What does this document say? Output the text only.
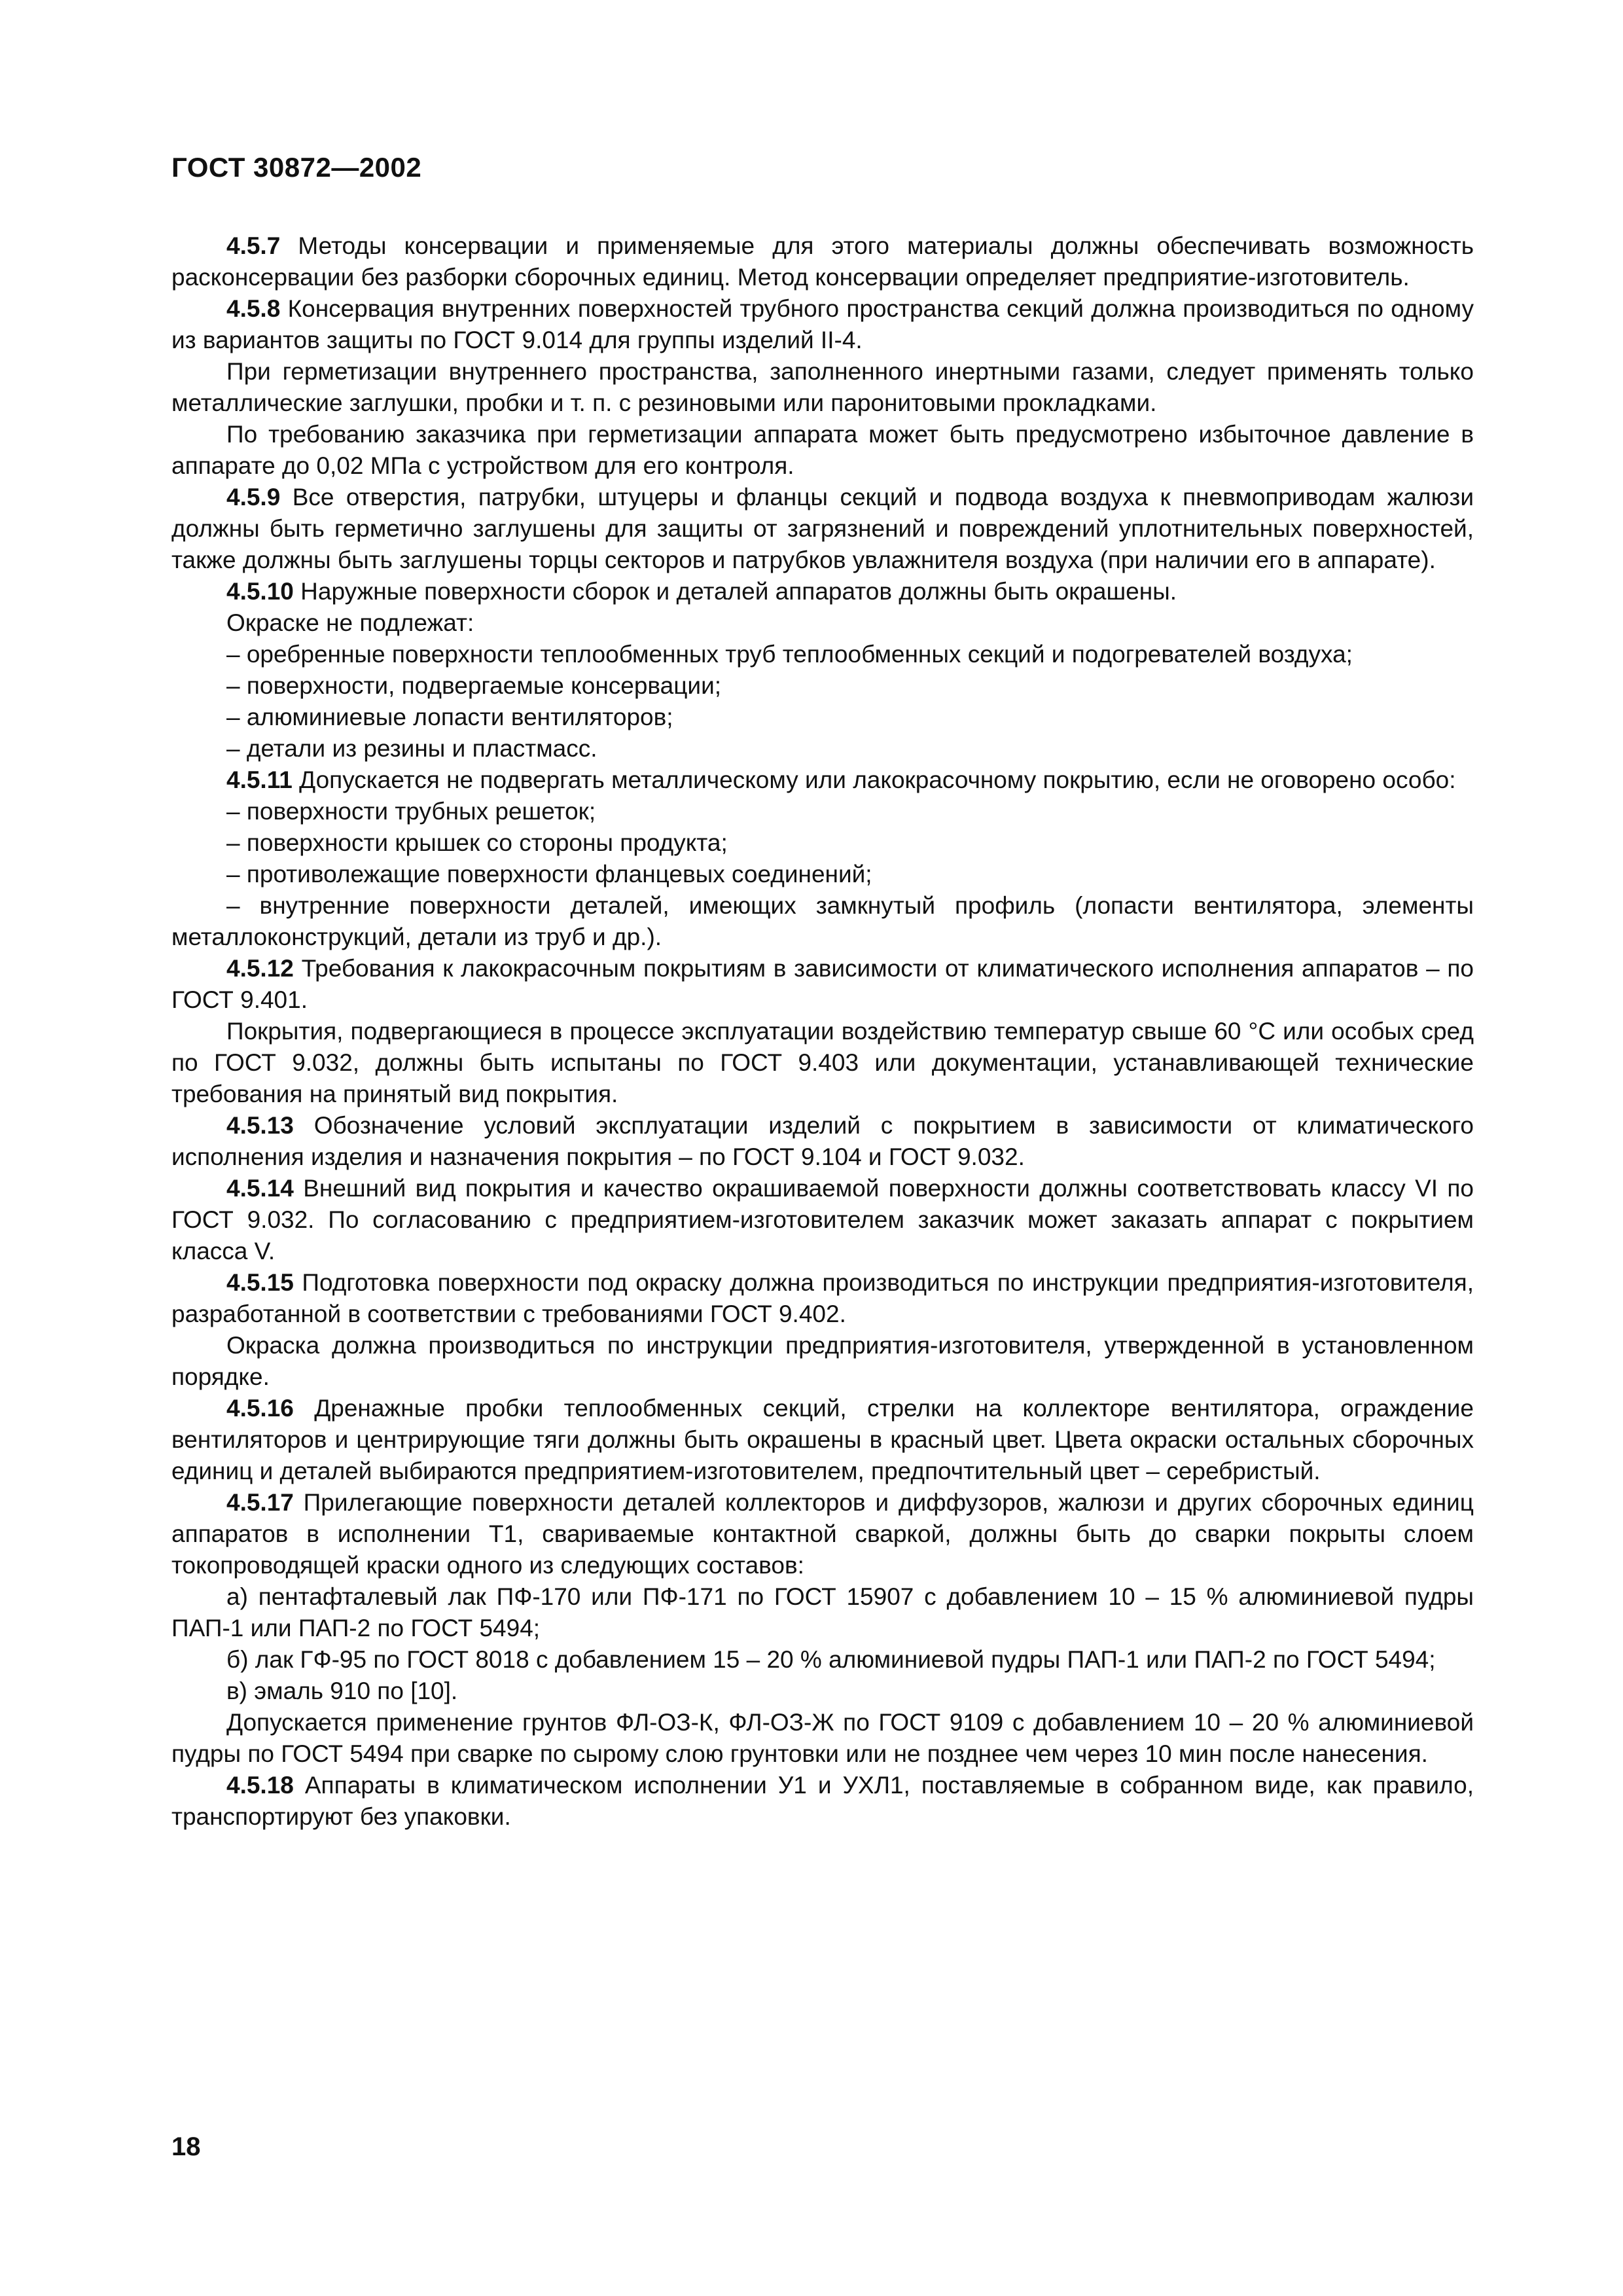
ГОСТ 30872—2002

4.5.7 Методы консервации и применяемые для этого материалы должны обеспечивать возможность расконсервации без разборки сборочных единиц. Метод консервации определяет предприятие-изготовитель.

4.5.8 Консервация внутренних поверхностей трубного пространства секций должна производиться по одному из вариантов защиты по ГОСТ 9.014 для группы изделий II-4.

При герметизации внутреннего пространства, заполненного инертными газами, следует применять только металлические заглушки, пробки и т. п. с резиновыми или паронитовыми прокладками.

По требованию заказчика при герметизации аппарата может быть предусмотрено избыточное давление в аппарате до 0,02 МПа с устройством для его контроля.

4.5.9 Все отверстия, патрубки, штуцеры и фланцы секций и подвода воздуха к пневмоприводам жалюзи должны быть герметично заглушены для защиты от загрязнений и повреждений уплотнительных поверхностей, также должны быть заглушены торцы секторов и патрубков увлажнителя воздуха (при наличии его в аппарате).

4.5.10 Наружные поверхности сборок и деталей аппаратов должны быть окрашены.

Окраске не подлежат:

– оребренные поверхности теплообменных труб теплообменных секций и подогревателей воздуха;

– поверхности, подвергаемые консервации;

– алюминиевые лопасти вентиляторов;

– детали из резины и пластмасс.

4.5.11 Допускается не подвергать металлическому или лакокрасочному покрытию, если не оговорено особо:

– поверхности трубных решеток;

– поверхности крышек со стороны продукта;

– противолежащие поверхности фланцевых соединений;

– внутренние поверхности деталей, имеющих замкнутый профиль (лопасти вентилятора, элементы металлоконструкций, детали из труб и др.).

4.5.12 Требования к лакокрасочным покрытиям в зависимости от климатического исполнения аппаратов – по ГОСТ 9.401.

Покрытия, подвергающиеся в процессе эксплуатации воздействию температур свыше 60 °С или особых сред по ГОСТ 9.032, должны быть испытаны по ГОСТ 9.403 или документации, устанавливающей технические требования на принятый вид покрытия.

4.5.13 Обозначение условий эксплуатации изделий с покрытием в зависимости от климатического исполнения изделия и назначения покрытия – по ГОСТ 9.104 и ГОСТ 9.032.

4.5.14 Внешний вид покрытия и качество окрашиваемой поверхности должны соответствовать классу VI по ГОСТ 9.032. По согласованию с предприятием-изготовителем заказчик может заказать аппарат с покрытием класса V.

4.5.15 Подготовка поверхности под окраску должна производиться по инструкции предприятия-изготовителя, разработанной в соответствии с требованиями ГОСТ 9.402.

Окраска должна производиться по инструкции предприятия-изготовителя, утвержденной в установленном порядке.

4.5.16 Дренажные пробки теплообменных секций, стрелки на коллекторе вентилятора, ограждение вентиляторов и центрирующие тяги должны быть окрашены в красный цвет. Цвета окраски остальных сборочных единиц и деталей выбираются предприятием-изготовителем, предпочтительный цвет – серебристый.

4.5.17 Прилегающие поверхности деталей коллекторов и диффузоров, жалюзи и других сборочных единиц аппаратов в исполнении Т1, свариваемые контактной сваркой, должны быть до сварки покрыты слоем токопроводящей краски одного из следующих составов:

а) пентафталевый лак ПФ-170 или ПФ-171 по ГОСТ 15907 с добавлением 10 – 15 % алюминиевой пудры ПАП-1 или ПАП-2 по ГОСТ 5494;

б) лак ГФ-95 по ГОСТ 8018 с добавлением 15 – 20 % алюминиевой пудры ПАП-1 или ПАП-2 по ГОСТ 5494;

в) эмаль 910 по [10].

Допускается применение грунтов ФЛ-ОЗ-К, ФЛ-ОЗ-Ж по ГОСТ 9109 с добавлением 10 – 20 % алюминиевой пудры по ГОСТ 5494 при сварке по сырому слою грунтовки или не позднее чем через 10 мин после нанесения.

4.5.18 Аппараты в климатическом исполнении У1 и УХЛ1, поставляемые в собранном виде, как правило, транспортируют без упаковки.

18
